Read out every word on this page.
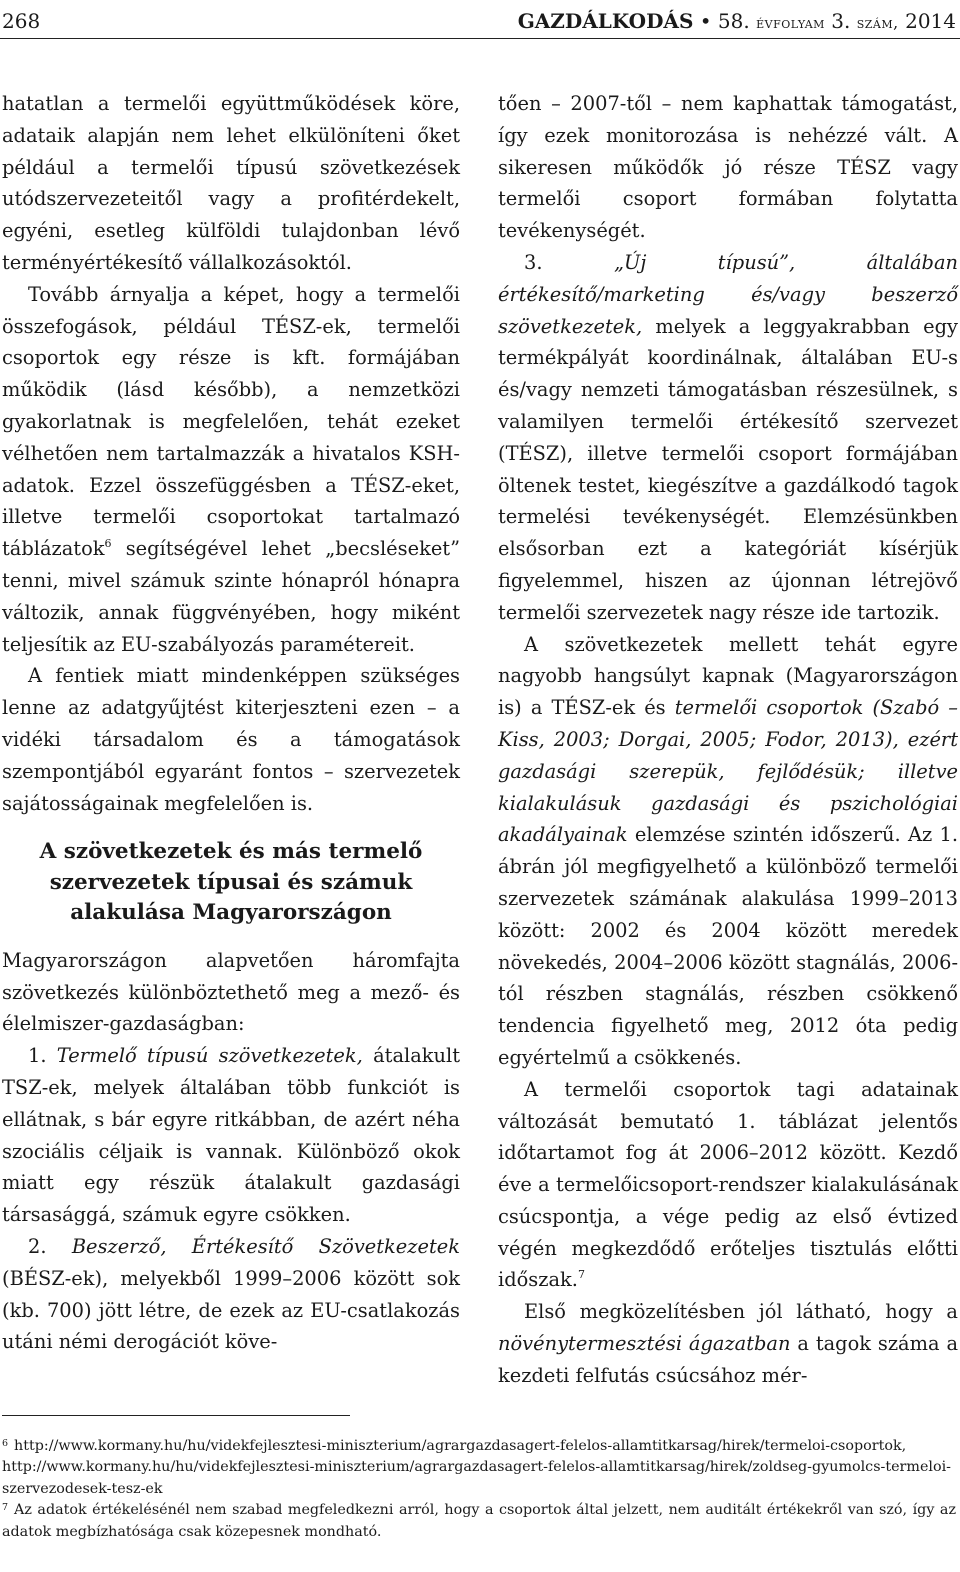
268	GAZDÁLKODÁS • 58. évfolyam 3. szám, 2014

hatatlan a termelői együttműködések köre, adataik alapján nem lehet elkülöníteni őket például a termelői típusú szövetkezések utódszervezeteitől vagy a profitérdekelt, egyéni, esetleg külföldi tulajdonban lévő terményértékesítő vállalkozásoktól.

Tovább árnyalja a képet, hogy a termelői összefogások, például TÉSZ-ek, termelői csoportok egy része is kft. formájában működik (lásd később), a nemzetközi gyakorlatnak is megfelelően, tehát ezeket vélhetően nem tartalmazzák a hivatalos KSH-adatok. Ezzel összefüggésben a TÉSZ-eket, illetve termelői csoportokat tartalmazó táblázatok$^6$ segítségével lehet „becsléseket” tenni, mivel számuk szinte hónapról hónapra változik, annak függvényében, hogy miként teljesítik az EU-szabályozás paramétereit.

A fentiek miatt mindenképpen szükséges lenne az adatgyűjtést kiterjeszteni ezen – a vidéki társadalom és a támogatások szempontjából egyaránt fontos – szervezetek sajátosságainak megfelelően is.

A szövetkezetek és más termelő szervezetek típusai és számuk alakulása Magyarországon

Magyarországon alapvetően háromfajta szövetkezés különböztethető meg a mező- és élelmiszer-gazdaságban:

1. Termelő típusú szövetkezetek, átalakult TSZ-ek, melyek általában több funkciót is ellátnak, s bár egyre ritkábban, de azért néha szociális céljaik is vannak. Különböző okok miatt egy részük átalakult gazdasági társasággá, számuk egyre csökken.

2. Beszerző, Értékesítő Szövetkezetek (BÉSZ-ek), melyekből 1999–2006 között sok (kb. 700) jött létre, de ezek az EU-csatlakozás utáni némi derogációt köve-

tően – 2007-től – nem kaphattak támogatást, így ezek monitorozása is nehézzé vált. A sikeresen működők jó része TÉSZ vagy termelői csoport formában folytatta tevékenységét.

3. „Új típusú”, általában értékesítő/marketing és/vagy beszerző szövetkezetek, melyek a leggyakrabban egy termékpályát koordinálnak, általában EU-s és/vagy nemzeti támogatásban részesülnek, s valamilyen termelői értékesítő szervezet (TÉSZ), illetve termelői csoport formájában öltenek testet, kiegészítve a gazdálkodó tagok termelési tevékenységét. Elemzésünkben elsősorban ezt a kategóriát kísérjük figyelemmel, hiszen az újonnan létrejövő termelői szervezetek nagy része ide tartozik.

A szövetkezetek mellett tehát egyre nagyobb hangsúlyt kapnak (Magyarországon is) a TÉSZ-ek és termelői csoportok (Szabó – Kiss, 2003; Dorgai, 2005; Fodor, 2013), ezért gazdasági szerepük, fejlődésük; illetve kialakulásuk gazdasági és pszichológiai akadályainak elemzése szintén időszerű. Az 1. ábrán jól megfigyelhető a különböző termelői szervezetek számának alakulása 1999–2013 között: 2002 és 2004 között meredek növekedés, 2004–2006 között stagnálás, 2006-tól részben stagnálás, részben csökkenő tendencia figyelhető meg, 2012 óta pedig egyértelmű a csökkenés.

A termelői csoportok tagi adatainak változását bemutató 1. táblázat jelentős időtartamot fog át 2006–2012 között. Kezdő éve a termelőicsoport-rendszer kialakulásának csúcspontja, a vége pedig az első évtized végén megkezdődő erőteljes tisztulás előtti időszak.$^7$

Első megközelítésben jól látható, hogy a növénytermesztési ágazatban a tagok száma a kezdeti felfutás csúcsához mér-

$^6$ http://www.kormany.hu/hu/videkfejlesztesi-miniszterium/agrargazdasagert-felelos-allamtitkarsag/hirek/termeloi-csoportok, http://www.kormany.hu/hu/videkfejlesztesi-miniszterium/agrargazdasagert-felelos-allamtitkarsag/hirek/zoldseg-gyumolcs-termeloi-szervezodesek-tesz-ek
$^7$ Az adatok értékelésénél nem szabad megfeledkezni arról, hogy a csoportok által jelzett, nem auditált értékekről van szó, így az adatok megbízhatósága csak közepesnek mondható.
